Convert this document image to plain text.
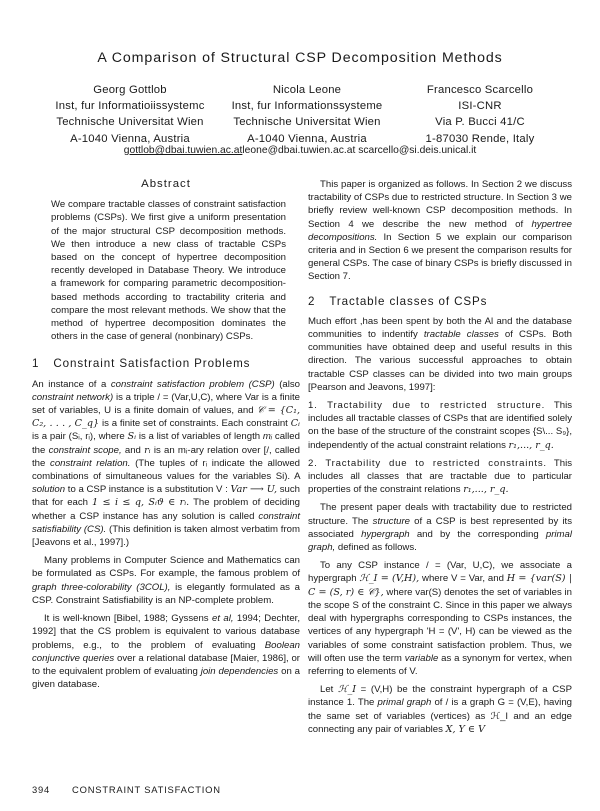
A Comparison of Structural CSP Decomposition Methods
Georg Gottlob
Inst, fur Informatioiissystemc
Technische Universitat Wien
A-1040 Vienna, Austria
Nicola Leone
Inst, fur Informationssysteme
Technische Universitat Wien
A-1040 Vienna, Austria
Francesco Scarcello
ISI-CNR
Via P. Bucci 41/C
1-87030 Rende, Italy
gottlob@dbai.tuwien.ac.atleone@dbai.tuwien.ac.at scarcello@si.deis.unical.it
Abstract

We compare tractable classes of constraint satisfaction problems (CSPs). We first give a uniform presentation of the major structural CSP decomposition methods. We then introduce a new class of tractable CSPs based on the concept of hypertree decomposition recently developed in Database Theory. We introduce a framework for comparing parametric decomposition-based methods according to tractability criteria and compare the most relevant methods. We show that the method of hypertree decomposition dominates the others in the case of general (nonbinary) CSPs.

1 Constraint Satisfaction Problems

An instance of a constraint satisfaction problem (CSP) (also constraint network) is a triple / = (Var,U,C), where Var is a finite set of variables, U is a finite domain of values, and 𝒞 = {C₁, C₂, . . . , C_q} is a finite set of constraints. Each constraint Cᵢ is a pair (Sᵢ, rᵢ), where Sᵢ is a list of variables of length mᵢ called the constraint scope, and rᵢ is an mᵢ-ary relation over [/, called the constraint relation. (The tuples of rᵢ indicate the allowed combinations of simultaneous values for the variables Si). A solution to a CSP instance is a substitution V : Var ⟶ U, such that for each 1 ≤ i ≤ q, Sᵢϑ ∈ rᵢ. The problem of deciding whether a CSP instance has any solution is called constraint satisfiability (CS). (This definition is taken almost verbatim from [Jeavons et al., 1997].)

Many problems in Computer Science and Mathematics can be formulated as CSPs. For example, the famous problem of graph three-colorability (3COL), is elegantly formulated as a CSP. Constraint Satisfiability is an NP-complete problem.

It is well-known [Bibel, 1988; Gyssens et al, 1994; Dechter, 1992] that the CS problem is equivalent to various database problems, e.g., to the problem of evaluating Boolean conjunctive queries over a relational database [Maier, 1986], or to the equivalent problem of evaluating join dependencies on a given database.

This paper is organized as follows. In Section 2 we discuss tractability of CSPs due to restricted structure. In Section 3 we briefly review well-known CSP decomposition methods. In Section 4 we describe the new method of hypertree decompositions. In Section 5 we explain our comparison criteria and in Section 6 we present the comparison results for general CSPs. The case of binary CSPs is briefly discussed in Section 7.

2 Tractable classes of CSPs

Much effort ,has been spent by both the Al and the database communities to indentify tractable classes of CSPs. Both communities have obtained deep and useful results in this direction. The various successful approaches to obtain tractable CSP classes can be divided into two main groups [Pearson and Jeavons, 1997]:

1. Tractability due to restricted structure. This includes all tractable classes of CSPs that are identified solely on the base of the structure of the constraint scopes {S\... S₉}, independently of the actual constraint relations r₁,..., r_q.

2. Tractability due to restricted constraints. This includes all classes that are tractable due to particular properties of the constraint relations r₁,..., r_q.

The present paper deals with tractability due to restricted structure. The structure of a CSP is best represented by its associated hypergraph and by the corresponding primal graph, defined as follows.

To any CSP instance / = (Var, U,C), we associate a hypergraph ℋ_I = (V,H), where V = Var, and H = {var(S) | C = (S, r) ∈ 𝒞}, where var(S) denotes the set of variables in the scope S of the constraint C. Since in this paper we always deal with hypergraphs corresponding to CSPs instances, the vertices of any hypergraph 'H = (V', H) can be viewed as the variables of some constraint satisfaction problem. Thus, we will often use the term variable as a synonym for vertex, when referring to elements of V.

Let ℋ_I = (V,H) be the constraint hypergraph of a CSP instance 1. The primal graph of / is a graph G = (V,E), having the same set of variables (vertices) as ℋ_I and an edge connecting any pair of variables X, Y ∈ V

394 CONSTRAINT SATISFACTION
